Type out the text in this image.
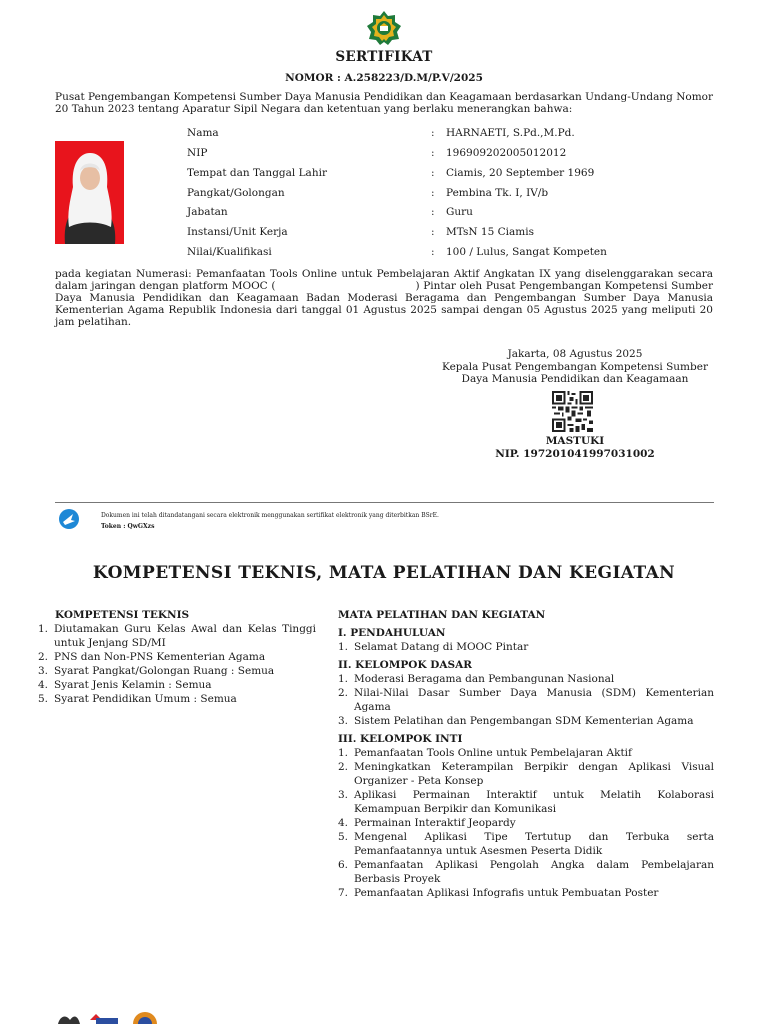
SERTIFIKAT
NOMOR : A.258223/D.M/P.V/2025
Pusat Pengembangan Kompetensi Sumber Daya Manusia Pendidikan dan Keagamaan berdasarkan Undang-Undang Nomor 20 Tahun 2023 tentang Aparatur Sipil Negara dan ketentuan yang berlaku menerangkan bahwa:
Nama	: HARNAETI, S.Pd.,M.Pd.
NIP	: 196909202005012012
Tempat dan Tanggal Lahir	: Ciamis, 20 September 1969
Pangkat/Golongan	: Pembina Tk. I, IV/b
Jabatan	: Guru
Instansi/Unit Kerja	: MTsN 15 Ciamis
Nilai/Kualifikasi	: 100 / Lulus, Sangat Kompeten
pada kegiatan Numerasi: Pemanfaatan Tools Online untuk Pembelajaran Aktif Angkatan IX yang diselenggarakan secara dalam jaringan dengan platform MOOC (	) Pintar oleh Pusat Pengembangan Kompetensi Sumber Daya Manusia Pendidikan dan Keagamaan Badan Moderasi Beragama dan Pengembangan Sumber Daya Manusia Kementerian Agama Republik Indonesia dari tanggal 01 Agustus 2025 sampai dengan 05 Agustus 2025 yang meliputi 20 jam pelatihan.
Jakarta, 08 Agustus 2025
Kepala Pusat Pengembangan Kompetensi Sumber
Daya Manusia Pendidikan dan Keagamaan
MASTUKI
NIP. 197201041997031002
Dokumen ini telah ditandatangani secara elektronik menggunakan sertifikat elektronik yang diterbitkan BSrE.
Token : QwGXzs
KOMPETENSI TEKNIS, MATA PELATIHAN DAN KEGIATAN
KOMPETENSI TEKNIS
1. Diutamakan Guru Kelas Awal dan Kelas Tinggi untuk Jenjang SD/MI
2. PNS dan Non-PNS Kementerian Agama
3. Syarat Pangkat/Golongan Ruang : Semua
4. Syarat Jenis Kelamin : Semua
5. Syarat Pendidikan Umum : Semua
MATA PELATIHAN DAN KEGIATAN
I. PENDAHULUAN
1. Selamat Datang di MOOC Pintar
II. KELOMPOK DASAR
1. Moderasi Beragama dan Pembangunan Nasional
2. Nilai-Nilai Dasar Sumber Daya Manusia (SDM) Kementerian Agama
3. Sistem Pelatihan dan Pengembangan SDM Kementerian Agama
III. KELOMPOK INTI
1. Pemanfaatan Tools Online untuk Pembelajaran Aktif
2. Meningkatkan Keterampilan Berpikir dengan Aplikasi Visual Organizer - Peta Konsep
3. Aplikasi Permainan Interaktif untuk Melatih Kolaborasi Kemampuan Berpikir dan Komunikasi
4. Permainan Interaktif Jeopardy
5. Mengenal Aplikasi Tipe Tertutup dan Terbuka serta Pemanfaatannya untuk Asesmen Peserta Didik
6. Pemanfaatan Aplikasi Pengolah Angka dalam Pembelajaran Berbasis Proyek
7. Pemanfaatan Aplikasi Infografis untuk Pembuatan Poster
